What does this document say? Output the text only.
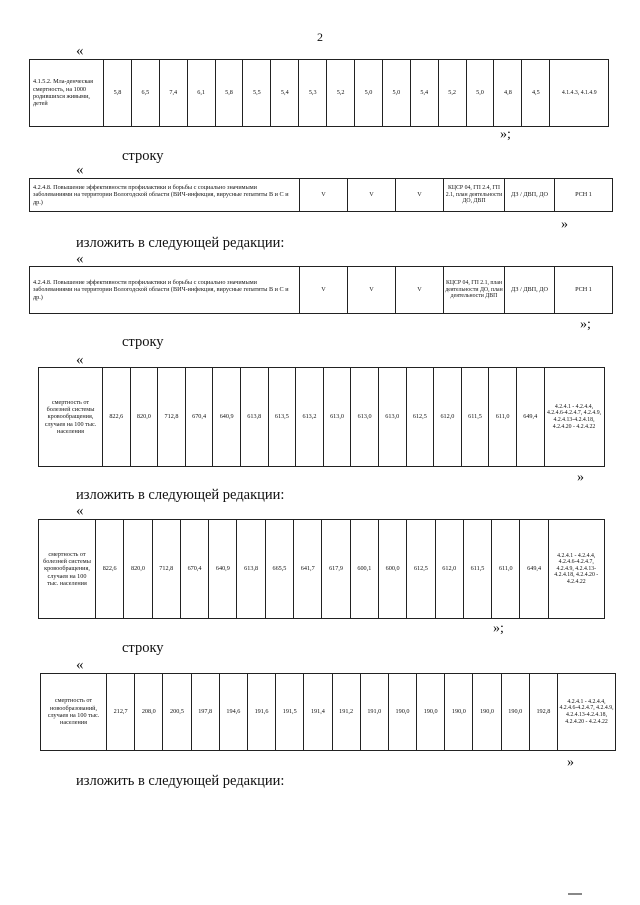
2
«
4.1.5.2. Мла-денческая смертность, на 1000 родившихся живыми, детей	5,8	6,5	7,4	6,1	5,8	5,5	5,4	5,3	5,2	5,0	5,0	5,4	5,2	5,0	4,8	4,5	4.1.4.3, 4.1.4.9
»;
строку
«
4.2.4.8. Повышение эффективности профилактики и борьбы с социально значимыми заболеваниями на территории Вологодской области (ВИЧ-инфекция, вирусные гепатиты В и С и др.)	V	V	V	КЦСР 04, ГП 2.4, ГП 2.1, план деятельности ДО, ДВП	ДЗ / ДВП, ДО	РСН 1
»
изложить в следующей редакции:
«
4.2.4.8. Повышение эффективности профилактики и борьбы с социально значимыми заболеваниями на территории Вологодской области (ВИЧ-инфекция, вирусные гепатиты В и С и др.)	V	V	V	КЦСР 04, ГП 2.1, план деятельности ДО, план деятельности ДВП	ДЗ / ДВП, ДО	РСН 1
»;
строку
«
смертность от болезней системы кровообращения, случаев на 100 тыс. населения	822,6	820,0	712,8	670,4	640,9	613,8	613,5	613,2	613,0	613,0	613,0	612,5	612,0	611,5	611,0	649,4	4.2.4.1 - 4.2.4.4, 4.2.4.6-4.2.4.7, 4.2.4.9, 4.2.4.13-4.2.4.18, 4.2.4.20 - 4.2.4.22
»
изложить в следующей редакции:
«
смертность от болезней системы кровообращения, случаев на 100 тыс. населения	822,6	820,0	712,8	670,4	640,9	613,8	665,5	641,7	617,9	600,1	600,0	612,5	612,0	611,5	611,0	649,4	4.2.4.1 - 4.2.4.4, 4.2.4.6-4.2.4.7, 4.2.4.9, 4.2.4.13-4.2.4.18, 4.2.4.20 - 4.2.4.22
»;
строку
«
смертность от новообразований, случаев на 100 тыс. населения	212,7	208,0	200,5	197,8	194,6	191,6	191,5	191,4	191,2	191,0	190,0	190,0	190,0	190,0	190,0	192,8	4.2.4.1 - 4.2.4.4, 4.2.4.6-4.2.4.7, 4.2.4.9, 4.2.4.13-4.2.4.18, 4.2.4.20 - 4.2.4.22
»
изложить в следующей редакции:
